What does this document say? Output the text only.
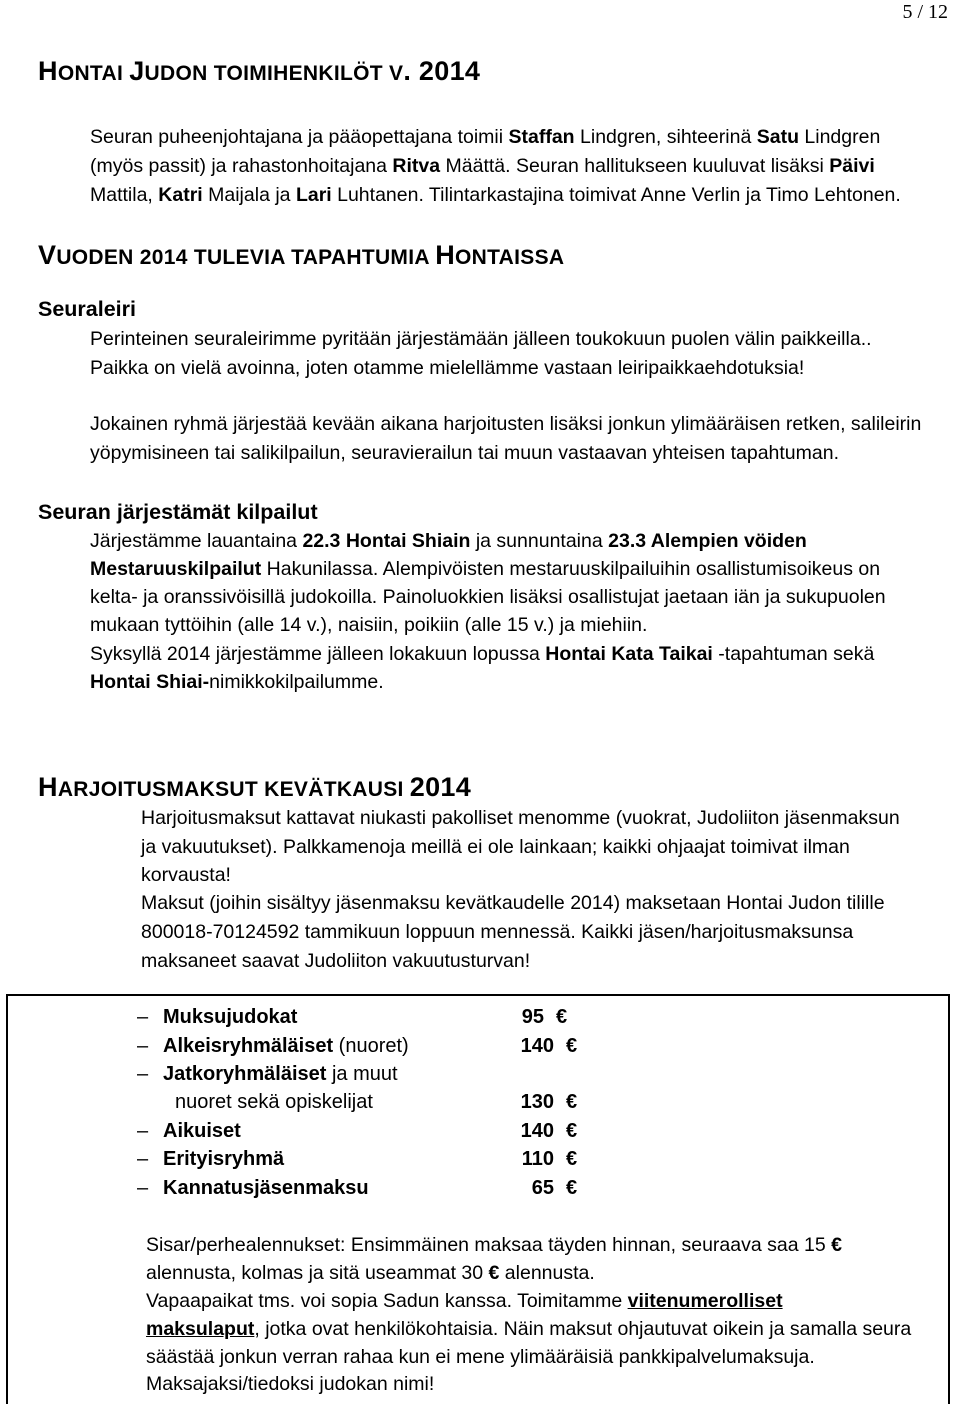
5 / 12
HONTAI JUDON TOIMIHENKILÖT V. 2014
Seuran puheenjohtajana ja pääopettajana toimii Staffan Lindgren, sihteerinä Satu Lindgren
(myös passit) ja rahastonhoitajana Ritva Määttä. Seuran hallitukseen kuuluvat lisäksi Päivi
Mattila, Katri Maijala ja Lari Luhtanen. Tilintarkastajina toimivat Anne Verlin ja Timo Lehtonen.
VUODEN 2014 TULEVIA TAPAHTUMIA HONTAISSA
Seuraleiri
Perinteinen seuraleirimme pyritään järjestämään jälleen toukokuun puolen välin paikkeilla..
Paikka on vielä avoinna, joten otamme mielellämme vastaan leiripaikkaehdotuksia!
Jokainen ryhmä järjestää kevään aikana harjoitusten lisäksi jonkun ylimääräisen retken, salileirin
yöpymisineen tai salikilpailun, seuravierailun tai muun vastaavan yhteisen tapahtuman.
Seuran järjestämät kilpailut
Järjestämme lauantaina 22.3 Hontai Shiain ja sunnuntaina 23.3 Alempien vöiden
Mestaruuskilpailut Hakunilassa. Alempivöisten mestaruuskilpailuihin osallistumisoikeus on
kelta- ja oranssivöisillä judokoilla. Painoluokkien lisäksi osallistujat jaetaan iän ja sukupuolen
mukaan tyttöihin (alle 14 v.), naisiin, poikiin (alle 15 v.) ja miehiin.
Syksyllä 2014 järjestämme jälleen lokakuun lopussa Hontai Kata Taikai -tapahtuman sekä
Hontai Shiai-nimikkokilpailumme.
HARJOITUSMAKSUT KEVÄTKAUSI 2014
Harjoitusmaksut kattavat niukasti pakolliset menomme (vuokrat, Judoliiton jäsenmaksun
ja vakuutukset). Palkkamenoja meillä ei ole lainkaan; kaikki ohjaajat toimivat ilman
korvausta!
Maksut (joihin sisältyy jäsenmaksu kevätkaudelle 2014) maksetaan Hontai Judon tilille
800018-70124592 tammikuun loppuun mennessä. Kaikki jäsen/harjoitusmaksunsa
maksaneet saavat Judoliiton vakuutusturvan!
– Muksujudokat	95 €
– Alkeisryhmäläiset (nuoret)	140 €
– Jatkoryhmäläiset ja muut
nuoret sekä opiskelijat	130 €
– Aikuiset	140 €
– Erityisryhmä	110 €
– Kannatusjäsenmaksu	65 €
Sisar/perhealennukset: Ensimmäinen maksaa täyden hinnan, seuraava saa 15 €
alennusta, kolmas ja sitä useammat 30 € alennusta.
Vapaapaikat tms. voi sopia Sadun kanssa. Toimitamme viitenumerolliset
maksulaput, jotka ovat henkilökohtaisia. Näin maksut ohjautuvat oikein ja samalla seura
säästää jonkun verran rahaa kun ei mene ylimääräisiä pankkipalvelumaksuja.
Maksajaksi/tiedoksi judokan nimi!
